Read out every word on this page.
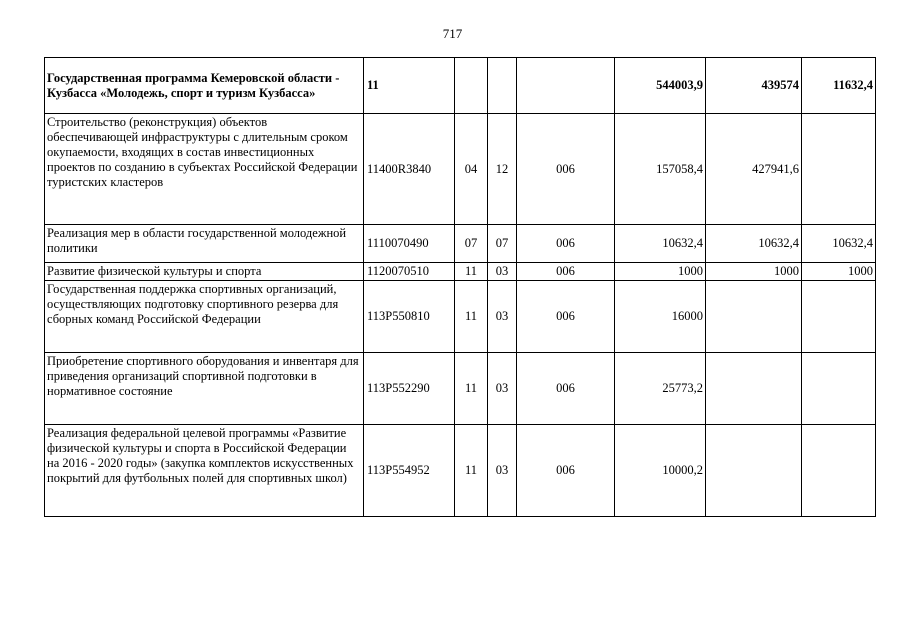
717
Государственная программа Кемеровской области - Кузбасса «Молодежь, спорт и туризм Кузбасса»	11				544003,9	439574	11632,4
Строительство (реконструкция) объектов обеспечивающей инфраструктуры с длительным сроком окупаемости, входящих в состав инвестиционных проектов по созданию в субъектах Российской Федерации туристских кластеров	11400R3840	04	12	006	157058,4	427941,6	
Реализация мер в области государственной молодежной политики	1110070490	07	07	006	10632,4	10632,4	10632,4
Развитие физической культуры и спорта	1120070510	11	03	006	1000	1000	1000
Государственная поддержка спортивных организаций, осуществляющих подготовку спортивного резерва для сборных команд Российской Федерации	113P550810	11	03	006	16000		
Приобретение спортивного оборудования и инвентаря для приведения организаций спортивной подготовки в нормативное состояние	113P552290	11	03	006	25773,2		
Реализация федеральной целевой программы «Развитие физической культуры и спорта в Российской Федерации на 2016 - 2020 годы» (закупка комплектов искусственных покрытий для футбольных полей для спортивных школ)	113P554952	11	03	006	10000,2		
